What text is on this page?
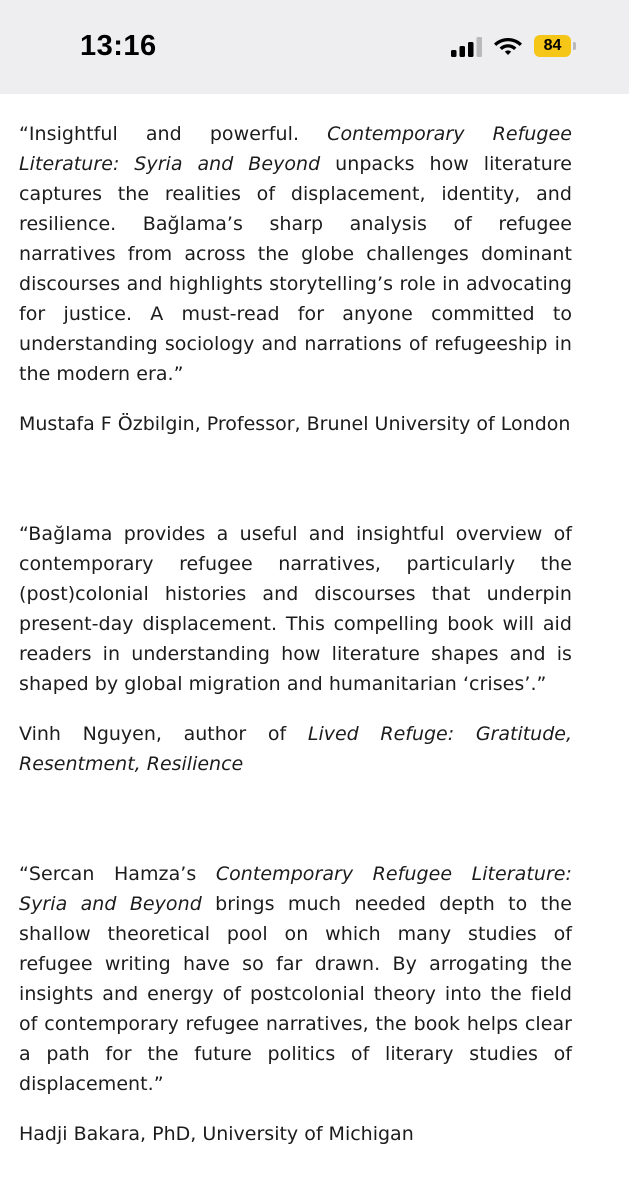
13:16	84

“Insightful and powerful. Contemporary Refugee Literature: Syria and Beyond unpacks how literature captures the realities of displacement, identity, and resilience. Bağlama’s sharp analysis of refugee narratives from across the globe challenges dominant discourses and highlights storytelling’s role in advocating for justice. A must-read for anyone committed to understanding sociology and narrations of refugeeship in the modern era.”

Mustafa F Özbilgin, Professor, Brunel University of London

“Bağlama provides a useful and insightful overview of contemporary refugee narratives, particularly the (post)colonial histories and discourses that underpin present-day displacement. This compelling book will aid readers in understanding how literature shapes and is shaped by global migration and humanitarian ‘crises’.”

Vinh Nguyen, author of Lived Refuge: Gratitude, Resentment, Resilience

“Sercan Hamza’s Contemporary Refugee Literature: Syria and Beyond brings much needed depth to the shallow theoretical pool on which many studies of refugee writing have so far drawn. By arrogating the insights and energy of postcolonial theory into the field of contemporary refugee narratives, the book helps clear a path for the future politics of literary studies of displacement.”

Hadji Bakara, PhD, University of Michigan
